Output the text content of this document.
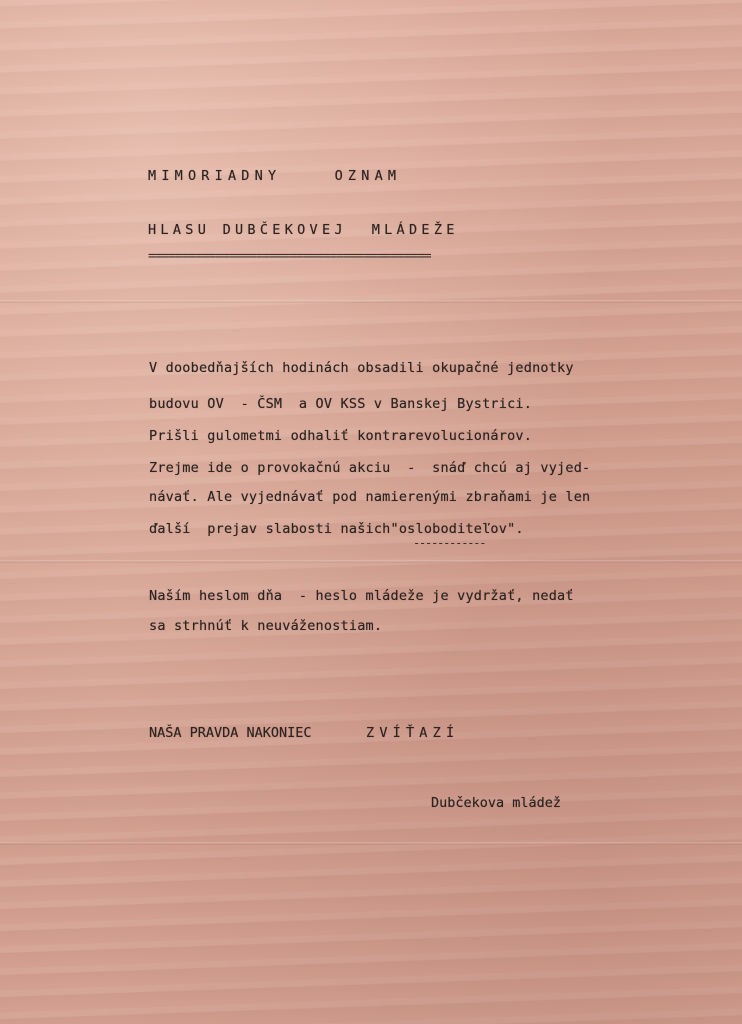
MIMORIADNY    OZNAM
HLASU DUBČEKOVEJ  MLÁDEŽE
==========================================
V doobedňajších hodinách obsadili okupačné jednotky
budovu OV  - ČSM  a OV KSS v Banskej Bystrici.
Prišli gulometmi odhaliť kontrarevolucionárov.
Zrejme ide o provokačnú akciu  -  snáď chcú aj vyjed-
návať. Ale vyjednávať pod namierenými zbraňami je len
ďalší  prejav slabosti našich"osloboditeľov".
------------
Naším heslom dňa  - heslo mládeže je vydržať, nedať
sa strhnúť k neuváženostiam.
NAŠA PRAVDA NAKONIEC	ZVÍŤAZÍ
Dubčekova mládež
